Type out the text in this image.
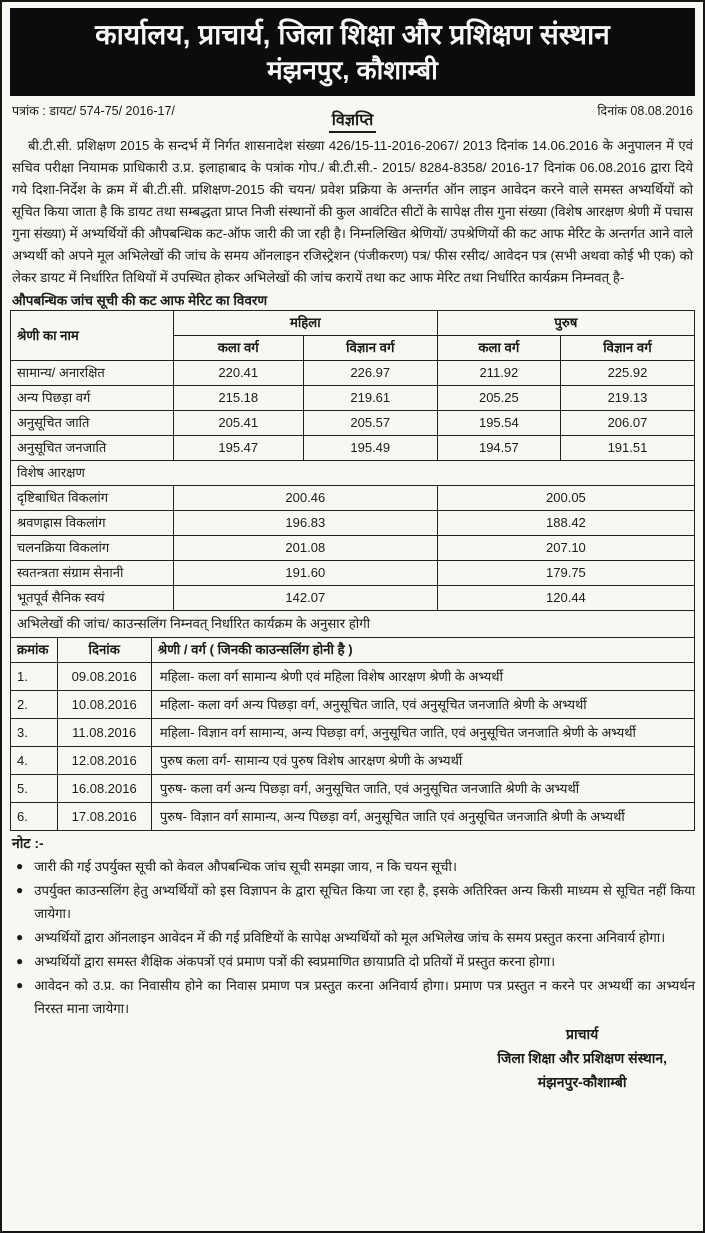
कार्यालय, प्राचार्य, जिला शिक्षा और प्रशिक्षण संस्थान
मंझनपुर, कौशाम्बी
पत्रांक : डायट/ 574-75/ 2016-17/
विज्ञप्ति
दिनांक 08.08.2016

बी.टी.सी. प्रशिक्षण 2015 के सन्दर्भ में निर्गत शासनादेश संख्या 426/15-11-2016-2067/ 2013 दिनांक 14.06.2016 के अनुपालन में एवं सचिव परीक्षा नियामक प्राधिकारी उ.प्र. इलाहाबाद के पत्रांक गोप./ बी.टी.सी.- 2015/ 8284-8358/ 2016-17 दिनांक 06.08.2016 द्वारा दिये गये दिशा-निर्देश के क्रम में बी.टी.सी. प्रशिक्षण-2015 की चयन/ प्रवेश प्रक्रिया के अन्तर्गत ऑन लाइन आवेदन करने वाले समस्त अभ्यर्थियों को सूचित किया जाता है कि डायट तथा सम्बद्धता प्राप्त निजी संस्थानों की कुल आवंटित सीटों के सापेक्ष तीस गुना संख्या (विशेष आरक्षण श्रेणी में पचास गुना संख्या) में अभ्यर्थियों की औपबन्धिक कट-ऑफ जारी की जा रही है। निम्नलिखित श्रेणियों/ उपश्रेणियों की कट आफ मेरिट के अन्तर्गत आने वाले अभ्यर्थी को अपने मूल अभिलेखों की जांच के समय ऑनलाइन रजिस्ट्रेशन (पंजीकरण) पत्र/ फीस रसीद/ आवेदन पत्र (सभी अथवा कोई भी एक) को लेकर डायट में निर्धारित तिथियों में उपस्थित होकर अभिलेखों की जांच करायें तथा कट आफ मेरिट तथा निर्धारित कार्यक्रम निम्नवत् है-

औपबन्धिक जांच सूची की कट आफ मेरिट का विवरण
श्रेणी का नाम	महिला		पुरुष	
	कला वर्ग	विज्ञान वर्ग	कला वर्ग	विज्ञान वर्ग
सामान्य/ अनारक्षित	220.41	226.97	211.92	225.92
अन्य पिछड़ा वर्ग	215.18	219.61	205.25	219.13
अनुसूचित जाति	205.41	205.57	195.54	206.07
अनुसूचित जनजाति	195.47	195.49	194.57	191.51
विशेष आरक्षण				
दृष्टिबाधित विकलांग	200.46		200.05	
श्रवणह्रास विकलांग	196.83		188.42	
चलनक्रिया विकलांग	201.08		207.10	
स्वतन्त्रता संग्राम सेनानी	191.60		179.75	
भूतपूर्व सैनिक स्वयं	142.07		120.44	
अभिलेखों की जांच/ काउन्सलिंग निम्नवत् निर्धारित कार्यक्रम के अनुसार होगी
क्रमांक	दिनांक	श्रेणी / वर्ग ( जिनकी काउन्सलिंग होनी है )
1.	09.08.2016	महिला- कला वर्ग सामान्य श्रेणी एवं महिला विशेष आरक्षण श्रेणी के अभ्यर्थी
2.	10.08.2016	महिला- कला वर्ग अन्य पिछड़ा वर्ग, अनुसूचित जाति, एवं अनुसूचित जनजाति श्रेणी के अभ्यर्थी
3.	11.08.2016	महिला- विज्ञान वर्ग सामान्य, अन्य पिछड़ा वर्ग, अनुसूचित जाति, एवं अनुसूचित जनजाति श्रेणी के अभ्यर्थी
4.	12.08.2016	पुरुष कला वर्ग- सामान्य एवं पुरुष विशेष आरक्षण श्रेणी के अभ्यर्थी
5.	16.08.2016	पुरुष- कला वर्ग अन्य पिछड़ा वर्ग, अनुसूचित जाति, एवं अनुसूचित जनजाति श्रेणी के अभ्यर्थी
6.	17.08.2016	पुरुष- विज्ञान वर्ग सामान्य, अन्य पिछड़ा वर्ग, अनुसूचित जाति एवं अनुसूचित जनजाति श्रेणी के अभ्यर्थी
नोट :-
● जारी की गई उपर्युक्त सूची को केवल औपबन्धिक जांच सूची समझा जाय, न कि चयन सूची।
● उपर्युक्त काउन्सलिंग हेतु अभ्यर्थियों को इस विज्ञापन के द्वारा सूचित किया जा रहा है, इसके अतिरिक्त अन्य किसी माध्यम से सूचित नहीं किया जायेगा।
● अभ्यर्थियों द्वारा ऑनलाइन आवेदन में की गई प्रविष्टियों के सापेक्ष अभ्यर्थियों को मूल अभिलेख जांच के समय प्रस्तुत करना अनिवार्य होगा।
● अभ्यर्थियों द्वारा समस्त शैक्षिक अंकपत्रों एवं प्रमाण पत्रों की स्वप्रमाणित छायाप्रति दो प्रतियों में प्रस्तुत करना होगा।
● आवेदन को उ.प्र. का निवासीय होने का निवास प्रमाण पत्र प्रस्तुत करना अनिवार्य होगा। प्रमाण पत्र प्रस्तुत न करने पर अभ्यर्थी का अभ्यर्थन निरस्त माना जायेगा।
प्राचार्य
जिला शिक्षा और प्रशिक्षण संस्थान,
मंझनपुर-कौशाम्बी
